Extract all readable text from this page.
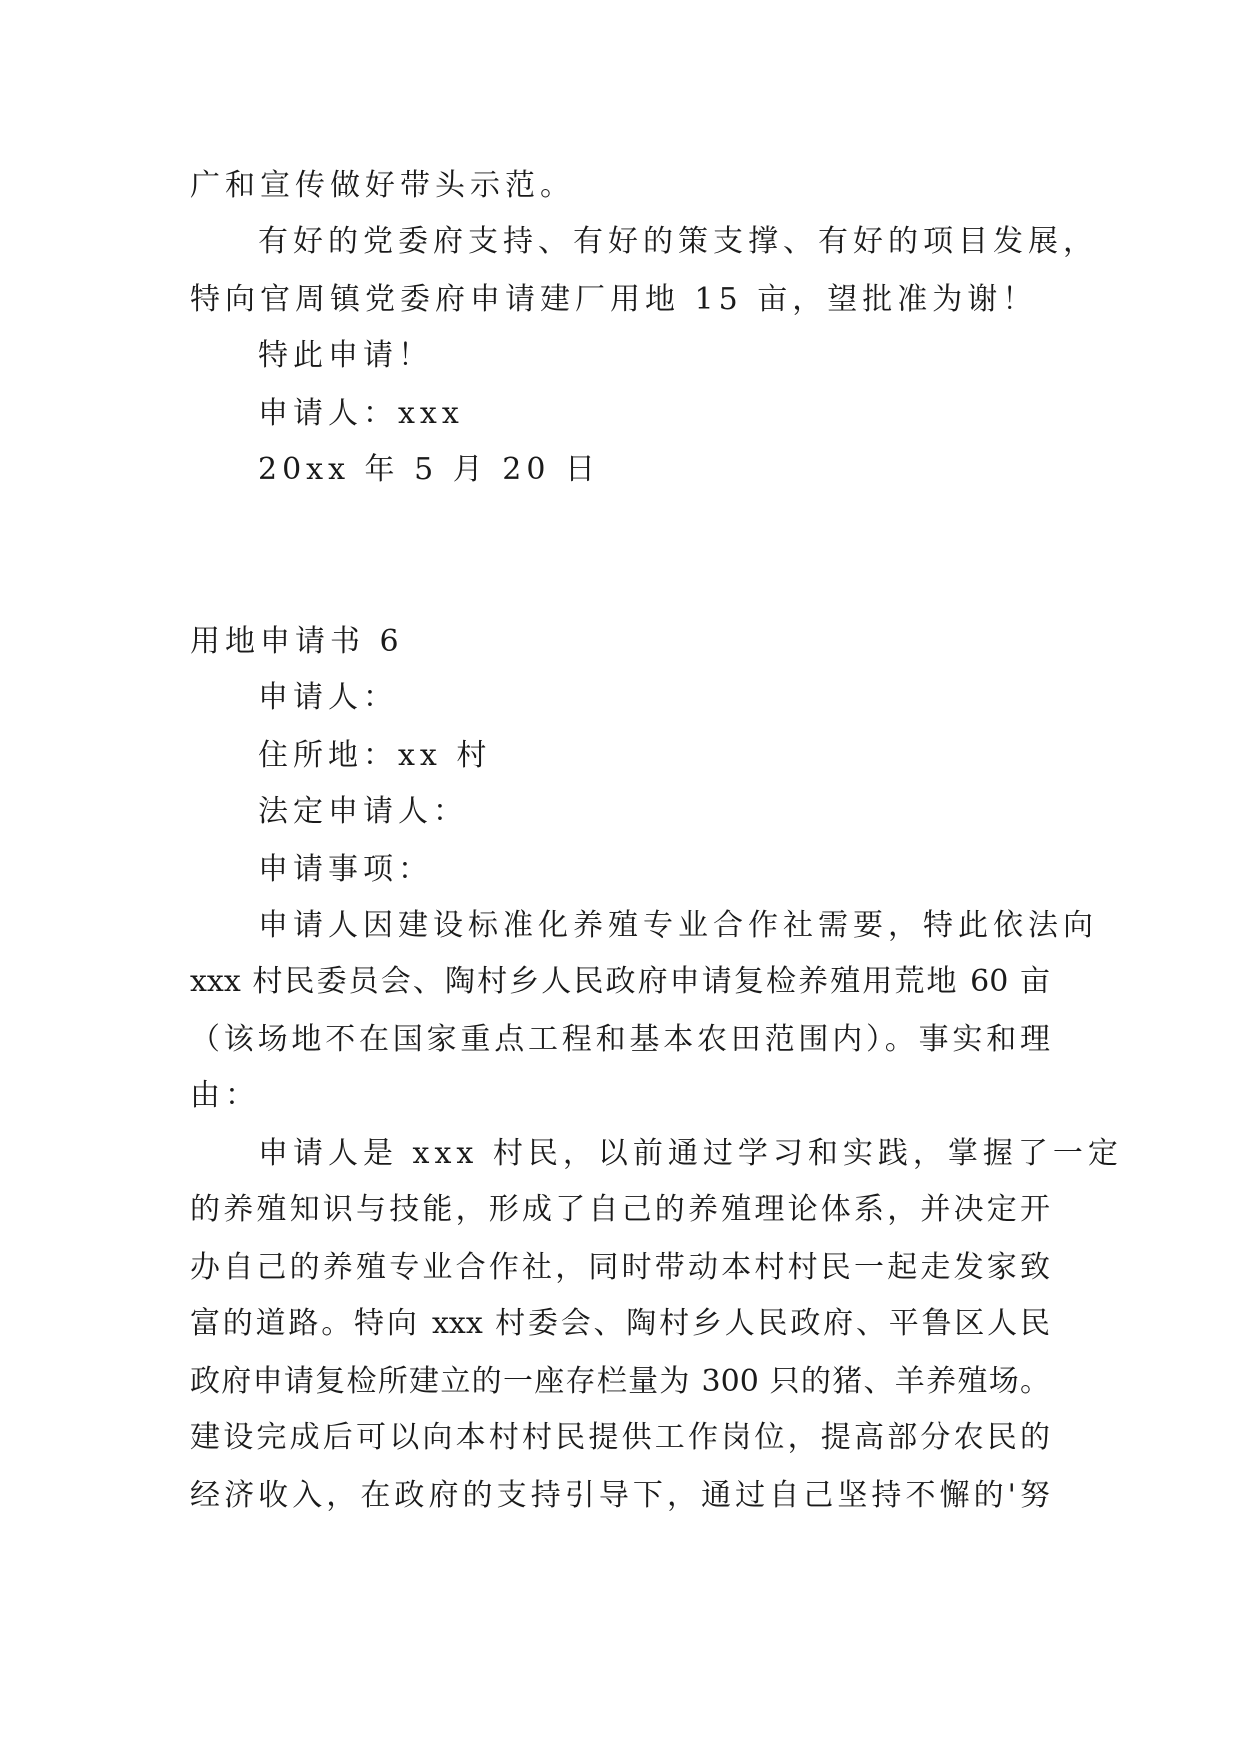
广和宣传做好带头示范。
有好的党委府支持、有好的策支撑、有好的项目发展，
特向官周镇党委府申请建厂用地 15 亩，望批准为谢！
特此申请！
申请人：xxx
20xx 年 5 月 20 日
用地申请书 6
申请人：
住所地：xx 村
法定申请人：
申请事项：
申请人因建设标准化养殖专业合作社需要，特此依法向
xxx 村民委员会、陶村乡人民政府申请复检养殖用荒地 60 亩
（该场地不在国家重点工程和基本农田范围内）。事实和理
由：
申请人是 xxx 村民，以前通过学习和实践，掌握了一定
的养殖知识与技能，形成了自己的养殖理论体系，并决定开
办自己的养殖专业合作社，同时带动本村村民一起走发家致
富的道路。特向 xxx 村委会、陶村乡人民政府、平鲁区人民
政府申请复检所建立的一座存栏量为 300 只的猪、羊养殖场。
建设完成后可以向本村村民提供工作岗位，提高部分农民的
经济收入，在政府的支持引导下，通过自己坚持不懈的'努
